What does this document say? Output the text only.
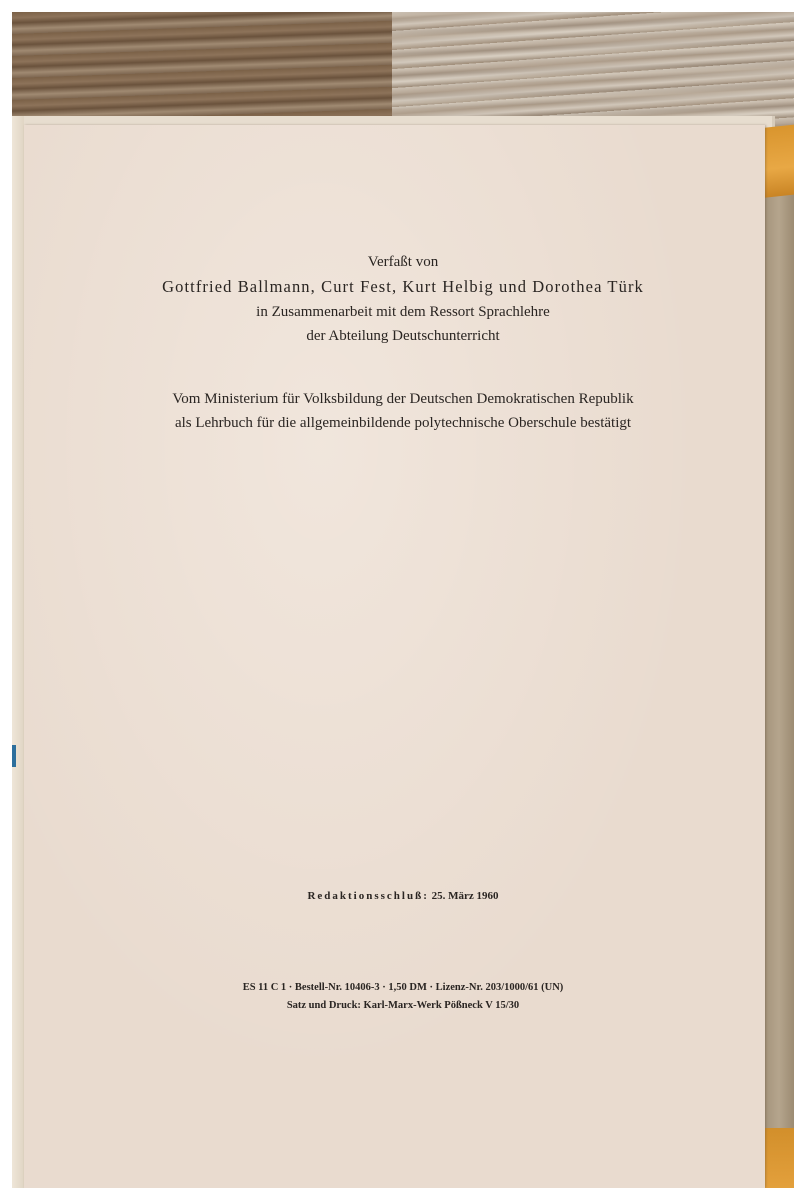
Verfaßt von
Gottfried Ballmann, Curt Fest, Kurt Helbig und Dorothea Türk
in Zusammenarbeit mit dem Ressort Sprachlehre
der Abteilung Deutschunterricht
Vom Ministerium für Volksbildung der Deutschen Demokratischen Republik
als Lehrbuch für die allgemeinbildende polytechnische Oberschule bestätigt
Redaktionsschluß: 25. März 1960
ES 11 C 1 · Bestell-Nr. 10406-3 · 1,50 DM · Lizenz-Nr. 203/1000/61 (UN)
Satz und Druck: Karl-Marx-Werk Pößneck V 15/30
